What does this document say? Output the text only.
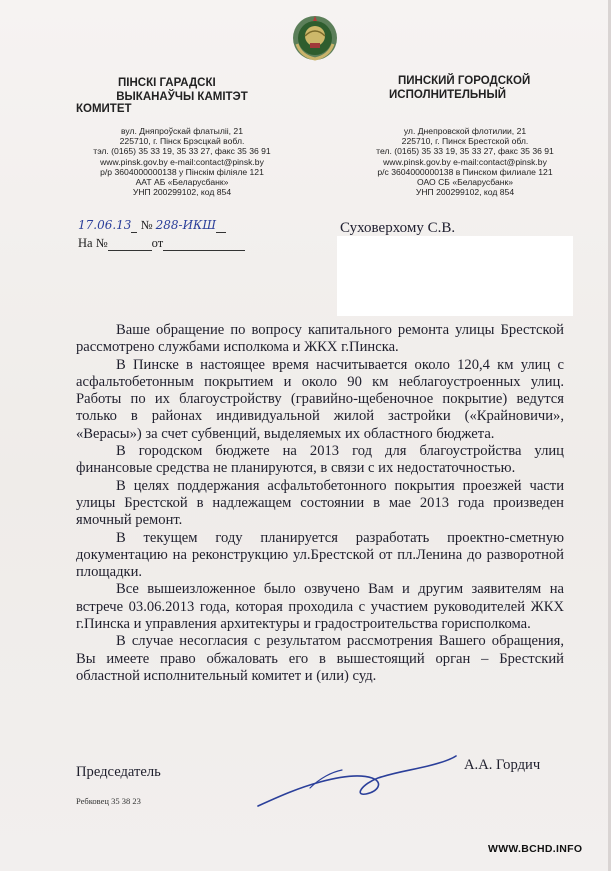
ПІНСКІ ГАРАДСКІ
ВЫКАНАЎЧЫ КАМІТЭТ
КОМИТЕТ
ПИНСКИЙ ГОРОДСКОЙ
ИСПОЛНИТЕЛЬНЫЙ
вул. Дняпроўскай флатыліі, 21
225710, г. Пінск Брэсцкай вобл.
тэл. (0165) 35 33 19, 35 33 27, факс 35 36 91
www.pinsk.gov.by e-mail:contact@pinsk.by
р/р 3604000000138 у Пінскім філіяле 121
ААТ АБ «Беларусбанк»
УНП 200299102, код 854
ул. Днепровской флотилии, 21
225710, г. Пинск Брестской обл.
тел. (0165) 35 33 19, 35 33 27, факс 35 36 91
www.pinsk.gov.by e-mail:contact@pinsk.by
р/с 3604000000138 в Пинском филиале 121
ОАО СБ «Беларусбанк»
УНП 200299102, код 854
17.06.13 № 288-ИКШ
На №	от
Суховерхому С.В.

Ваше обращение по вопросу капитального ремонта улицы Брестской рассмотрено службами исполкома и ЖКХ г.Пинска.

В Пинске в настоящее время насчитывается около 120,4 км улиц с асфальтобетонным покрытием и около 90 км неблагоустроенных улиц. Работы по их благоустройству (гравийно-щебеночное покрытие) ведутся только в районах индивидуальной жилой застройки («Крайновичи», «Верасы») за счет субвенций, выделяемых их областного бюджета.

В городском бюджете на 2013 год для благоустройства улиц финансовые средства не планируются, в связи с их недостаточностью.

В целях поддержания асфальтобетонного покрытия проезжей части улицы Брестской в надлежащем состоянии в мае 2013 года произведен ямочный ремонт.

В текущем году планируется разработать проектно-сметную документацию на реконструкцию ул.Брестской от пл.Ленина до разворотной площадки.

Все вышеизложенное было озвучено Вам и другим заявителям на встрече 03.06.2013 года, которая проходила с участием руководителей ЖКХ г.Пинска и управления архитектуры и градостроительства горисполкома.

В случае несогласия с результатом рассмотрения Вашего обращения, Вы имеете право обжаловать его в вышестоящий орган – Брестский областной исполнительный комитет и (или) суд.

Председатель	А.А. Гордич
Ребковец 35 38 23
WWW.BCHD.INFO
